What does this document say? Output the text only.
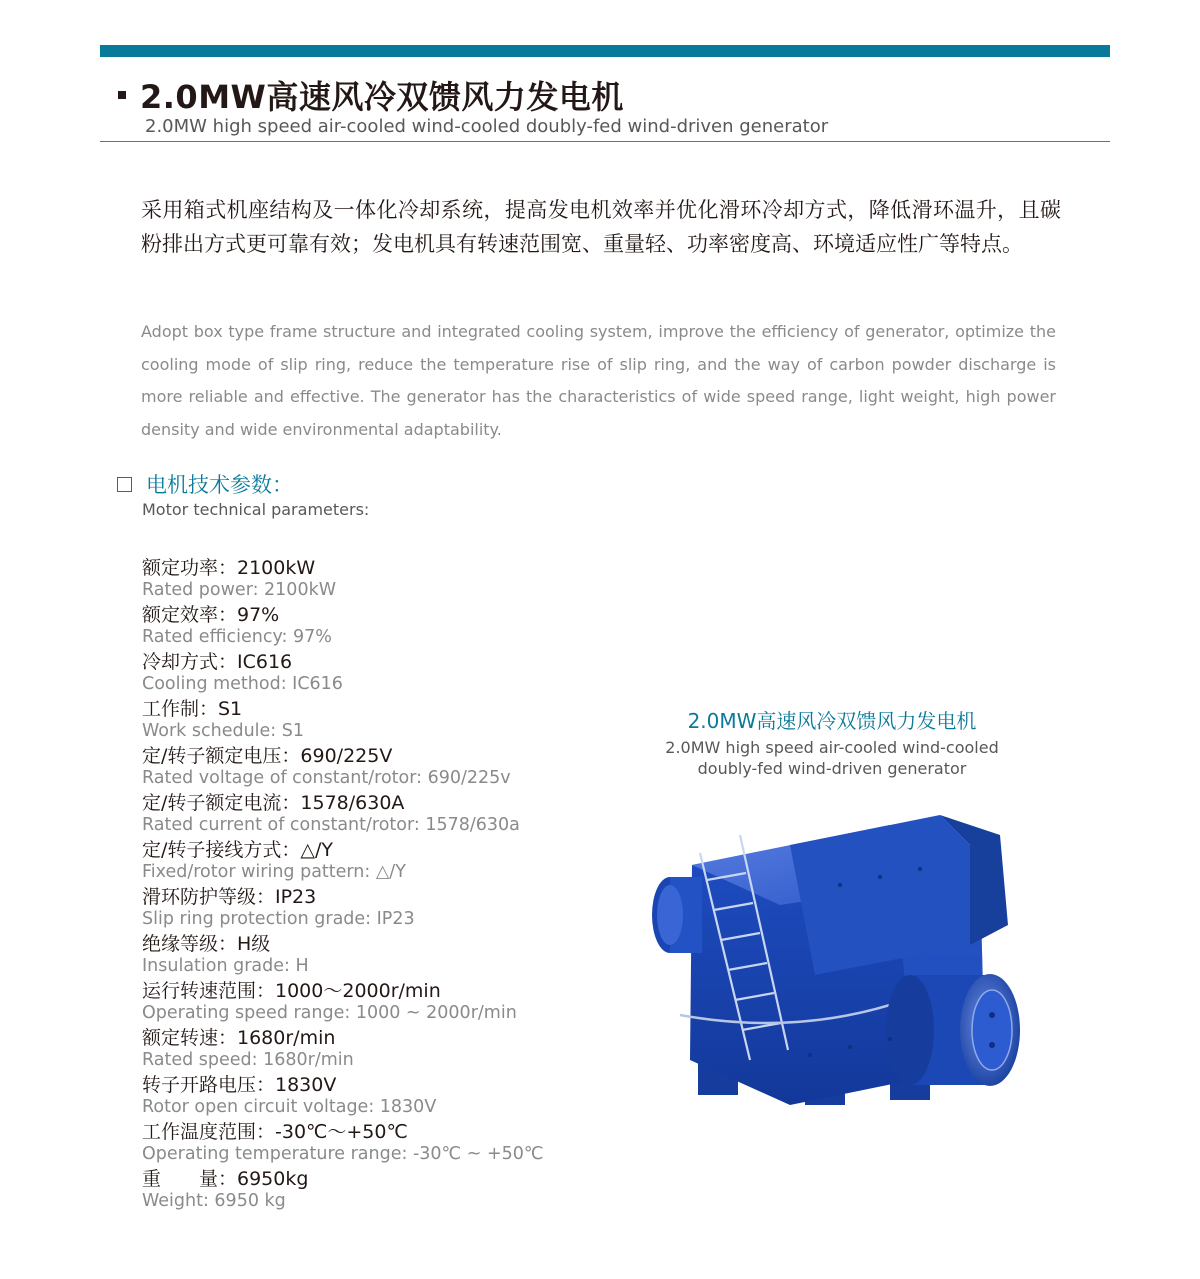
2.0MW高速风冷双馈风力发电机
2.0MW high speed air-cooled wind-cooled doubly-fed wind-driven generator
采用箱式机座结构及一体化冷却系统，提高发电机效率并优化滑环冷却方式，降低滑环温升，且碳粉排出方式更可靠有效；发电机具有转速范围宽、重量轻、功率密度高、环境适应性广等特点。
Adopt box type frame structure and integrated cooling system, improve the efficiency of generator, optimize the cooling mode of slip ring, reduce the temperature rise of slip ring, and the way of carbon powder discharge is more reliable and effective. The generator has the characteristics of wide speed range, light weight, high power density and wide environmental adaptability.
电机技术参数：
Motor technical parameters:
额定功率：2100kW
Rated power: 2100kW
额定效率：97%
Rated efficiency: 97%
冷却方式：IC616
Cooling method: IC616
工作制：S1
Work schedule: S1
定/转子额定电压：690/225V
Rated voltage of constant/rotor: 690/225v
定/转子额定电流：1578/630A
Rated current of constant/rotor: 1578/630a
定/转子接线方式：△/Y
Fixed/rotor wiring pattern: △/Y
滑环防护等级：IP23
Slip ring protection grade: IP23
绝缘等级：H级
Insulation grade: H
运行转速范围：1000～2000r/min
Operating speed range: 1000 ~ 2000r/min
额定转速：1680r/min
Rated speed: 1680r/min
转子开路电压：1830V
Rotor open circuit voltage: 1830V
工作温度范围：-30℃～+50℃
Operating temperature range: -30℃ ~ +50℃
重　　量：6950kg
Weight: 6950 kg
2.0MW高速风冷双馈风力发电机
2.0MW high speed air-cooled wind-cooled
doubly-fed wind-driven generator
